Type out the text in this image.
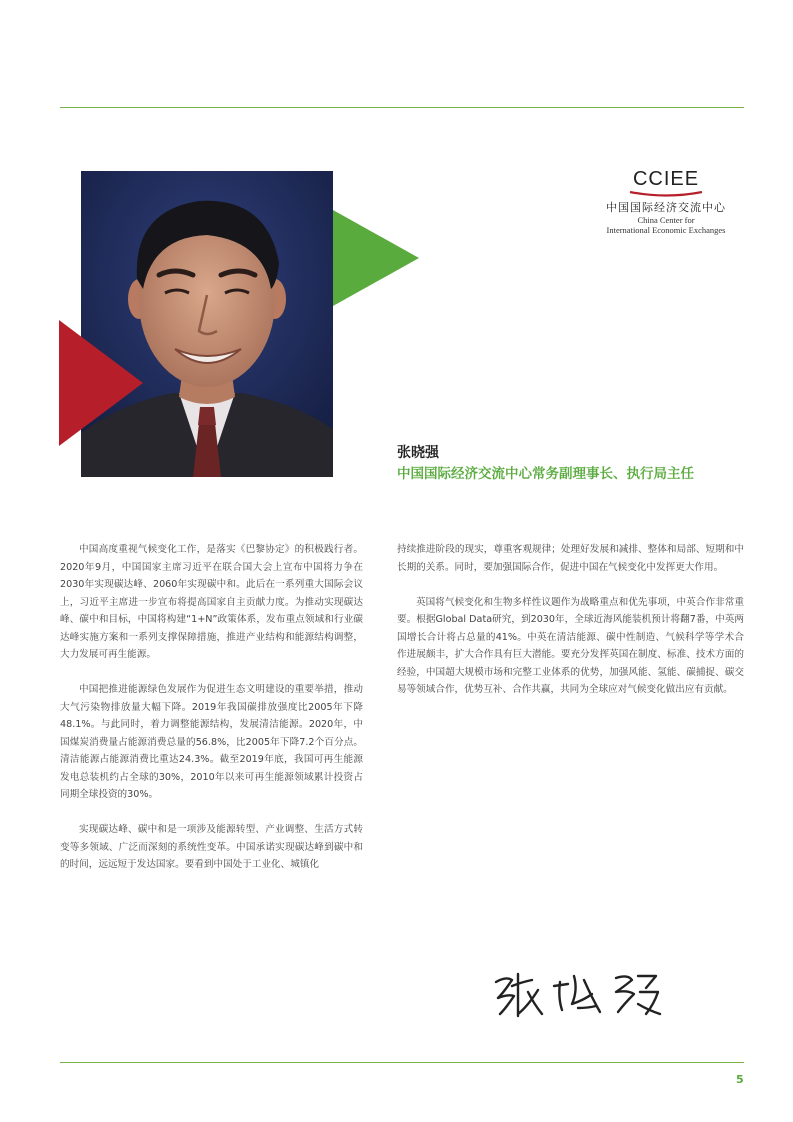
CCIEE
中国国际经济交流中心
China Center for
International Economic Exchanges
张晓强
中国国际经济交流中心常务副理事长、执行局主任

中国高度重视气候变化工作，是落实《巴黎协定》的积极践行者。2020年9月，中国国家主席习近平在联合国大会上宣布中国将力争在2030年实现碳达峰、2060年实现碳中和。此后在一系列重大国际会议上，习近平主席进一步宣布将提高国家自主贡献力度。为推动实现碳达峰、碳中和目标，中国将构建“1+N”政策体系，发布重点领域和行业碳达峰实施方案和一系列支撑保障措施，推进产业结构和能源结构调整，大力发展可再生能源。

中国把推进能源绿色发展作为促进生态文明建设的重要举措，推动大气污染物排放量大幅下降。2019年我国碳排放强度比2005年下降48.1%。与此同时，着力调整能源结构，发展清洁能源。2020年，中国煤炭消费量占能源消费总量的56.8%，比2005年下降7.2个百分点。清洁能源占能源消费比重达24.3%。截至2019年底，我国可再生能源发电总装机约占全球的30%，2010年以来可再生能源领域累计投资占同期全球投资的30%。

实现碳达峰、碳中和是一项涉及能源转型、产业调整、生活方式转变等多领域、广泛而深刻的系统性变革。中国承诺实现碳达峰到碳中和的时间，远远短于发达国家。要看到中国处于工业化、城镇化

持续推进阶段的现实，尊重客观规律；处理好发展和减排、整体和局部、短期和中长期的关系。同时，要加强国际合作，促进中国在气候变化中发挥更大作用。

英国将气候变化和生物多样性议题作为战略重点和优先事项，中英合作非常重要。根据Global Data研究，到2030年，全球近海风能装机预计将翻7番，中英两国增长合计将占总量的41%。中英在清洁能源、碳中性制造、气候科学等学术合作进展颇丰，扩大合作具有巨大潜能。要充分发挥英国在制度、标准、技术方面的经验，中国超大规模市场和完整工业体系的优势，加强风能、氢能、碳捕捉、碳交易等领域合作，优势互补、合作共赢，共同为全球应对气候变化做出应有贡献。

5
